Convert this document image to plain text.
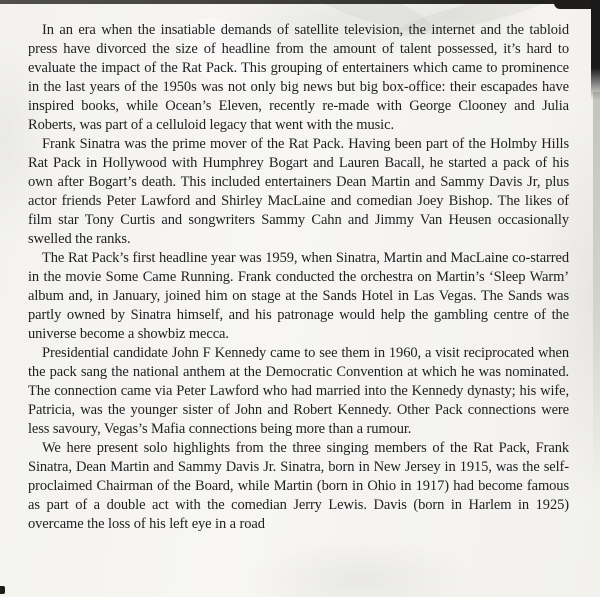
In an era when the insatiable demands of satellite television, the internet and the tabloid press have divorced the size of headline from the amount of talent possessed, it’s hard to evaluate the impact of the Rat Pack. This grouping of entertainers which came to prominence in the last years of the 1950s was not only big news but big box-office: their escapades have inspired books, while Ocean’s Eleven, recently re-made with George Clooney and Julia Roberts, was part of a celluloid legacy that went with the music.

Frank Sinatra was the prime mover of the Rat Pack. Having been part of the Holmby Hills Rat Pack in Hollywood with Humphrey Bogart and Lauren Bacall, he started a pack of his own after Bogart’s death. This included entertainers Dean Martin and Sammy Davis Jr, plus actor friends Peter Lawford and Shirley MacLaine and comedian Joey Bishop. The likes of film star Tony Curtis and songwriters Sammy Cahn and Jimmy Van Heusen occasionally swelled the ranks.

The Rat Pack’s first headline year was 1959, when Sinatra, Martin and MacLaine co-starred in the movie Some Came Running. Frank conducted the orchestra on Martin’s ‘Sleep Warm’ album and, in January, joined him on stage at the Sands Hotel in Las Vegas. The Sands was partly owned by Sinatra himself, and his patronage would help the gambling centre of the universe become a showbiz mecca.

Presidential candidate John F Kennedy came to see them in 1960, a visit reciprocated when the pack sang the national anthem at the Democratic Convention at which he was nominated. The connection came via Peter Lawford who had married into the Kennedy dynasty; his wife, Patricia, was the younger sister of John and Robert Kennedy. Other Pack connections were less savoury, Vegas’s Mafia connections being more than a rumour.

We here present solo highlights from the three singing members of the Rat Pack, Frank Sinatra, Dean Martin and Sammy Davis Jr. Sinatra, born in New Jersey in 1915, was the self-proclaimed Chairman of the Board, while Martin (born in Ohio in 1917) had become famous as part of a double act with the comedian Jerry Lewis. Davis (born in Harlem in 1925) overcame the loss of his left eye in a road
